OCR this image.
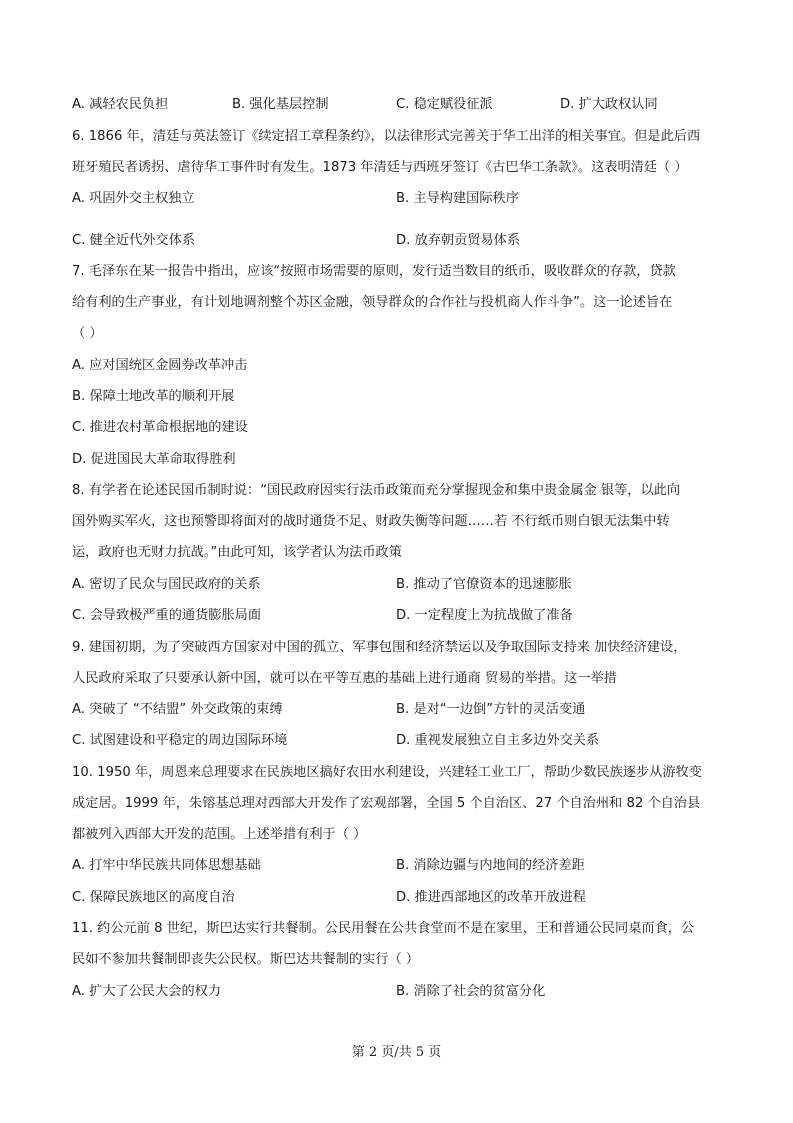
A. 减轻农民负担	B. 强化基层控制	C. 稳定赋役征派	D. 扩大政权认同
6. 1866 年，清廷与英法签订《续定招工章程条约》，以法律形式完善关于华工出洋的相关事宜。但是此后西
班牙殖民者诱拐、虐待华工事件时有发生。1873 年清廷与西班牙签订《古巴华工条款》。这表明清廷（ ）
A. 巩固外交主权独立	B. 主导构建国际秩序
C. 健全近代外交体系	D. 放弃朝贡贸易体系
7. 毛泽东在某一报告中指出，应该“按照市场需要的原则，发行适当数目的纸币，吸收群众的存款，贷款
给有利的生产事业，有计划地调剂整个苏区金融，领导群众的合作社与投机商人作斗争”。这一论述旨在
（ ）
A. 应对国统区金圆券改革冲击
B. 保障土地改革的顺利开展
C. 推进农村革命根据地的建设
D. 促进国民大革命取得胜利
8. 有学者在论述民国币制时说：“国民政府因实行法币政策而充分掌握现金和集中贵金属金 银等，以此向
国外购买军火，这也预警即将面对的战时通货不足、财政失衡等问题……若 不行纸币则白银无法集中转
运，政府也无财力抗战。”由此可知，该学者认为法币政策
A. 密切了民众与国民政府的关系	B. 推动了官僚资本的迅速膨胀
C. 会导致极严重的通货膨胀局面	D. 一定程度上为抗战做了准备
9. 建国初期，为了突破西方国家对中国的孤立、军事包围和经济禁运以及争取国际支持来 加快经济建设，
人民政府采取了只要承认新中国，就可以在平等互惠的基础上进行通商 贸易的举措。这一举措
A. 突破了 “不结盟” 外交政策的束缚	B. 是对“一边倒”方针的灵活变通
C. 试图建设和平稳定的周边国际环境	D. 重视发展独立自主多边外交关系
10. 1950 年，周恩来总理要求在民族地区搞好农田水利建设，兴建轻工业工厂，帮助少数民族逐步从游牧变
成定居。1999 年，朱镕基总理对西部大开发作了宏观部署，全国 5 个自治区、27 个自治州和 82 个自治县
都被列入西部大开发的范围。上述举措有利于（ ）
A. 打牢中华民族共同体思想基础	B. 消除边疆与内地间的经济差距
C. 保障民族地区的高度自治	D. 推进西部地区的改革开放进程
11. 约公元前 8 世纪，斯巴达实行共餐制。公民用餐在公共食堂而不是在家里，王和普通公民同桌而食，公
民如不参加共餐制即丧失公民权。斯巴达共餐制的实行（ ）
A. 扩大了公民大会的权力	B. 消除了社会的贫富分化
第 2 页/共 5 页
